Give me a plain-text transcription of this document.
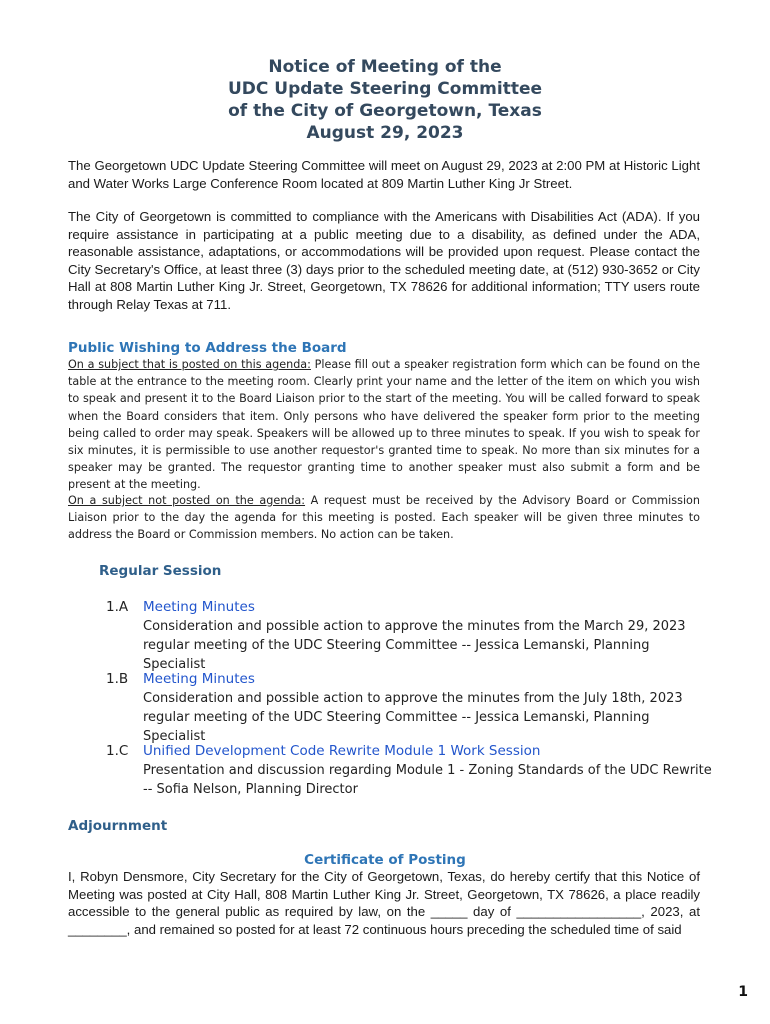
Notice of Meeting of the
UDC Update Steering Committee
of the City of Georgetown, Texas
August 29, 2023
The Georgetown UDC Update Steering Committee will meet on August 29, 2023 at 2:00 PM at Historic Light and Water Works Large Conference Room located at 809 Martin Luther King Jr Street.
The City of Georgetown is committed to compliance with the Americans with Disabilities Act (ADA). If you require assistance in participating at a public meeting due to a disability, as defined under the ADA, reasonable assistance, adaptations, or accommodations will be provided upon request. Please contact the City Secretary's Office, at least three (3) days prior to the scheduled meeting date, at (512) 930-3652 or City Hall at 808 Martin Luther King Jr. Street, Georgetown, TX 78626 for additional information; TTY users route through Relay Texas at 711.
Public Wishing to Address the Board
On a subject that is posted on this agenda: Please fill out a speaker registration form which can be found on the table at the entrance to the meeting room. Clearly print your name and the letter of the item on which you wish to speak and present it to the Board Liaison prior to the start of the meeting. You will be called forward to speak when the Board considers that item. Only persons who have delivered the speaker form prior to the meeting being called to order may speak. Speakers will be allowed up to three minutes to speak. If you wish to speak for six minutes, it is permissible to use another requestor's granted time to speak. No more than six minutes for a speaker may be granted. The requestor granting time to another speaker must also submit a form and be present at the meeting.
On a subject not posted on the agenda: A request must be received by the Advisory Board or Commission Liaison prior to the day the agenda for this meeting is posted. Each speaker will be given three minutes to address the Board or Commission members. No action can be taken.
Regular Session
1.A Meeting Minutes
Consideration and possible action to approve the minutes from the March 29, 2023 regular meeting of the UDC Steering Committee -- Jessica Lemanski, Planning Specialist
1.B Meeting Minutes
Consideration and possible action to approve the minutes from the July 18th, 2023 regular meeting of the UDC Steering Committee -- Jessica Lemanski, Planning Specialist
1.C Unified Development Code Rewrite Module 1 Work Session
Presentation and discussion regarding Module 1 - Zoning Standards of the UDC Rewrite -- Sofia Nelson, Planning Director
Adjournment
Certificate of Posting
I, Robyn Densmore, City Secretary for the City of Georgetown, Texas, do hereby certify that this Notice of Meeting was posted at City Hall, 808 Martin Luther King Jr. Street, Georgetown, TX 78626, a place readily accessible to the general public as required by law, on the _____ day of _________________, 2023, at ________, and remained so posted for at least 72 continuous hours preceding the scheduled time of said
1
